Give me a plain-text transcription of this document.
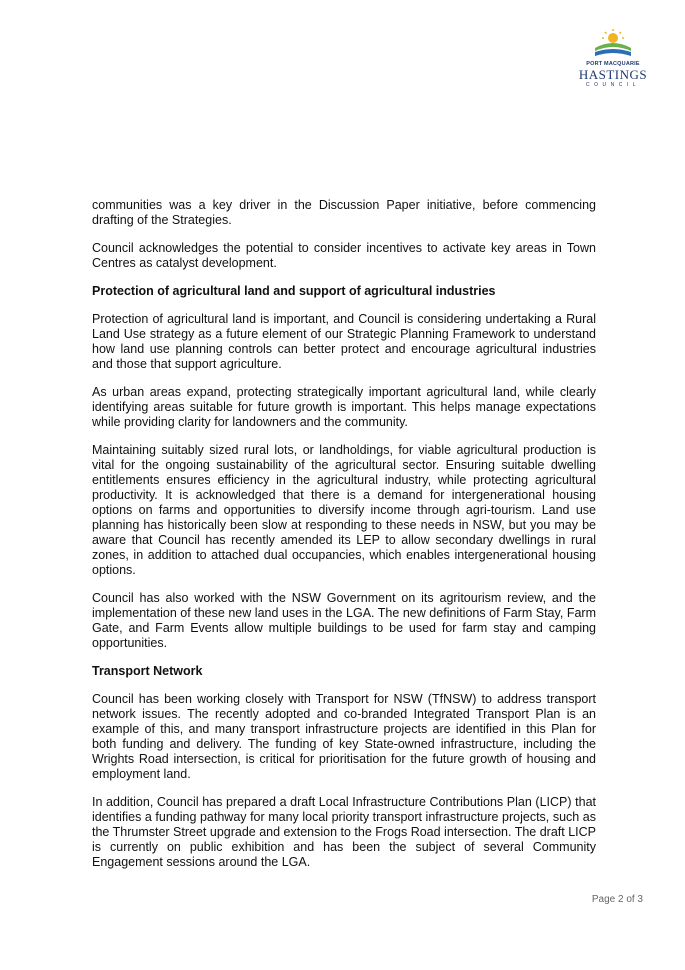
PORT MACQUARIE
HASTINGS
COUNCIL

communities was a key driver in the Discussion Paper initiative, before commencing drafting of the Strategies.

Council acknowledges the potential to consider incentives to activate key areas in Town Centres as catalyst development.

Protection of agricultural land and support of agricultural industries

Protection of agricultural land is important, and Council is considering undertaking a Rural Land Use strategy as a future element of our Strategic Planning Framework to understand how land use planning controls can better protect and encourage agricultural industries and those that support agriculture.

As urban areas expand, protecting strategically important agricultural land, while clearly identifying areas suitable for future growth is important. This helps manage expectations while providing clarity for landowners and the community.

Maintaining suitably sized rural lots, or landholdings, for viable agricultural production is vital for the ongoing sustainability of the agricultural sector. Ensuring suitable dwelling entitlements ensures efficiency in the agricultural industry, while protecting agricultural productivity. It is acknowledged that there is a demand for intergenerational housing options on farms and opportunities to diversify income through agri-tourism. Land use planning has historically been slow at responding to these needs in NSW, but you may be aware that Council has recently amended its LEP to allow secondary dwellings in rural zones, in addition to attached dual occupancies, which enables intergenerational housing options.

Council has also worked with the NSW Government on its agritourism review, and the implementation of these new land uses in the LGA. The new definitions of Farm Stay, Farm Gate, and Farm Events allow multiple buildings to be used for farm stay and camping opportunities.

Transport Network

Council has been working closely with Transport for NSW (TfNSW) to address transport network issues. The recently adopted and co-branded Integrated Transport Plan is an example of this, and many transport infrastructure projects are identified in this Plan for both funding and delivery. The funding of key State-owned infrastructure, including the Wrights Road intersection, is critical for prioritisation for the future growth of housing and employment land.

In addition, Council has prepared a draft Local Infrastructure Contributions Plan (LICP) that identifies a funding pathway for many local priority transport infrastructure projects, such as the Thrumster Street upgrade and extension to the Frogs Road intersection. The draft LICP is currently on public exhibition and has been the subject of several Community Engagement sessions around the LGA.

Page 2 of 3
